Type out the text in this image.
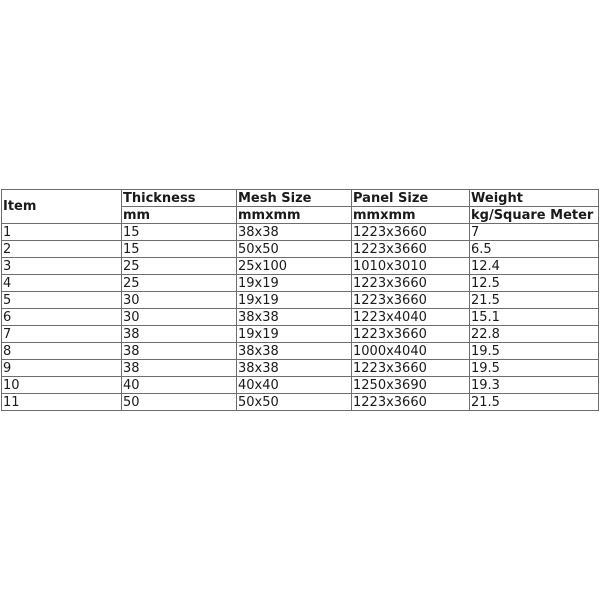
Item	Thickness	Mesh Size	Panel Size	Weight
	mm	mmxmm	mmxmm	kg/Square Meter
1	15	38x38	1223x3660	7
2	15	50x50	1223x3660	6.5
3	25	25x100	1010x3010	12.4
4	25	19x19	1223x3660	12.5
5	30	19x19	1223x3660	21.5
6	30	38x38	1223x4040	15.1
7	38	19x19	1223x3660	22.8
8	38	38x38	1000x4040	19.5
9	38	38x38	1223x3660	19.5
10	40	40x40	1250x3690	19.3
11	50	50x50	1223x3660	21.5
